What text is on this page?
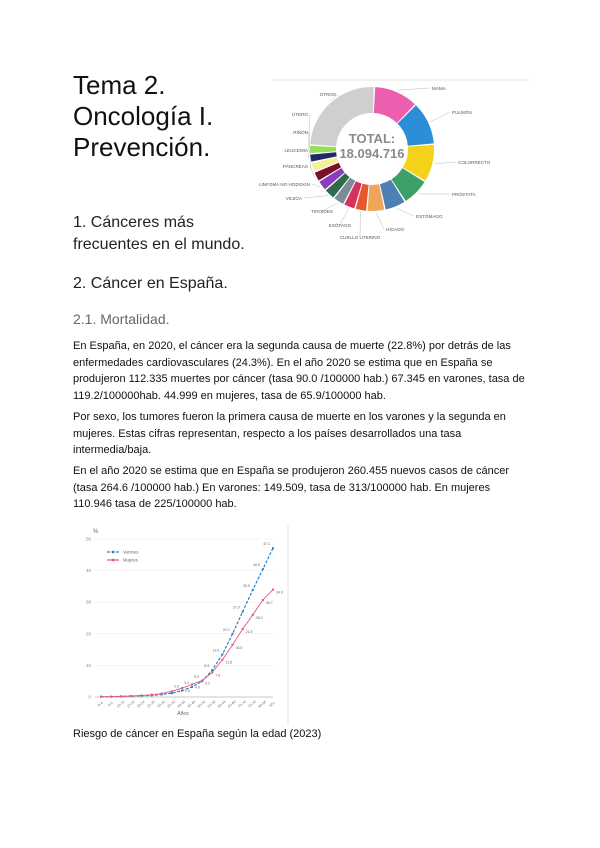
Tema 2.
Oncología I.
Prevención.
1. Cánceres más
frecuentes en el mundo.
2. Cáncer en España.
2.1. Mortalidad.
En España, en 2020, el cáncer era la segunda causa de muerte (22.8%) por detrás de las enfermedades cardiovasculares (24.3%). En el año 2020 se estima que en España se produjeron 112.335 muertes por cáncer (tasa 90.0 /100000 hab.) 67.345 en varones, tasa de 119.2/100000hab. 44.999 en mujeres, tasa de 65.9/100000 hab.
Por sexo, los tumores fueron la primera causa de muerte en los varones y la segunda en mujeres. Estas cifras representan, respecto a los países desarrollados una tasa intermedia/baja.
En el año 2020 se estima que en España se produjeron 260.455 nuevos casos de cáncer (tasa 264.6 /100000 hab.) En varones: 149.509, tasa de 313/100000 hab. En mujeres 110.946 tasa de 225/100000 hab.
TOTAL:
18.094.716
MAMA
PULMÓN
COLORRECTO
PRÓSTATA
ESTÓMAGO
HÍGADO
CUELLO UTERINO
ESÓFAGO
TIROIDES
VEJIGA
LINFOMA NO HODGKIN
PÁNCREAS
LEUCEMIA
RIÑÓN
ÚTERO
OTROS
%
0
10
20
30
40
50
0-4 5-9 10-14 15-19 20-24 25-29 30-34 35-39 40-44 45-49 50-54 55-59 60-64 65-69 70-74 75-79 80-84 85+
2.0
3.2
5.0
8.5
13.5
20.0
27.0
33.9
40.5
47.1
2.8
4.0
5.2
7.8
11.8
16.5
21.5
26.0
30.7
34.0
Varones
Mujeres
Años
Riesgo de cáncer en España según la edad (2023)
